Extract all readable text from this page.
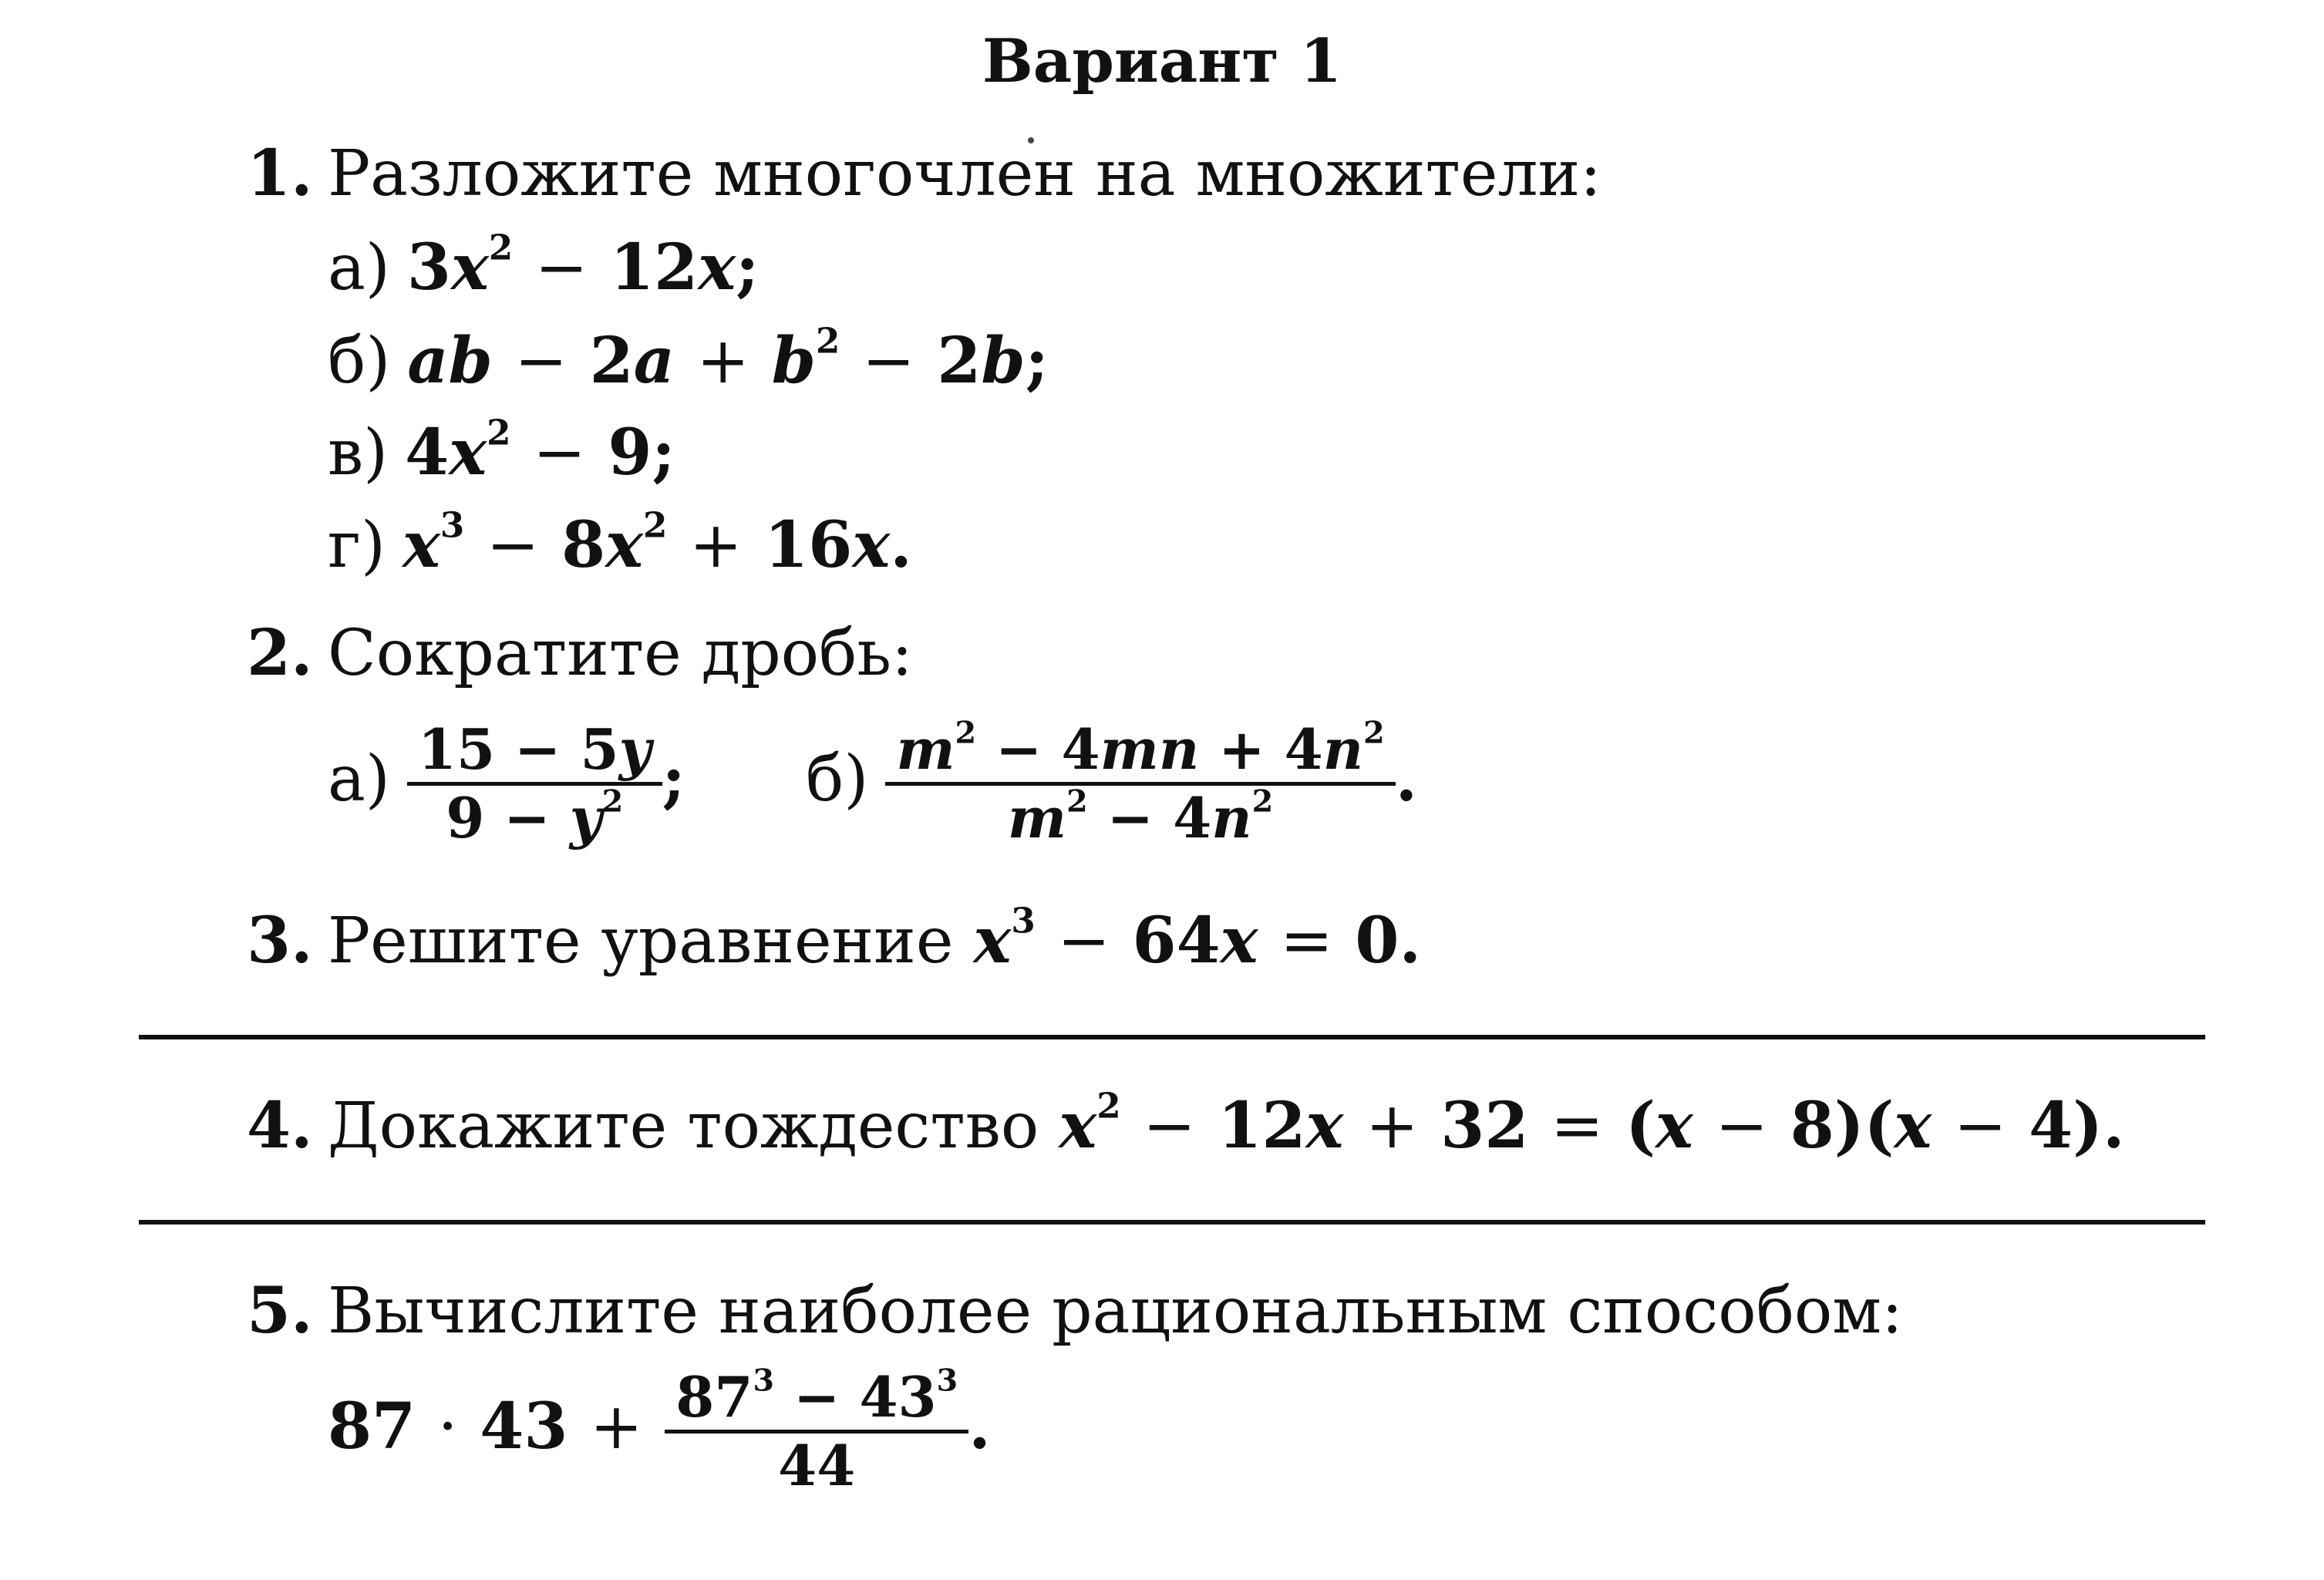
Вариант 1
1. Разложите многочлен на множители:
а) $3x^2 - 12x$;
б) ab − $2a + b^2 - 2b$;
в) $4x^2 - 9$;
г) $x^3 - 8x^2 + 16x$.
2. Сократите дробь:
$а) \frac{15 - 5y}{9 - y^2}$ ; $б) \frac{m^2 - 4mn + 4n^2}{m^2 - 4n^2}$ .
3. Решите уравнение $x^3 - 64x = 0$.
4. Докажите тождество $x^2 - 12x + 32 = (x - 8)(x - 4)$.
5. Вычислите наиболее рациональным способом:
$87 \cdot 43 + \frac{87^3 - 43^3}{44}$ .
